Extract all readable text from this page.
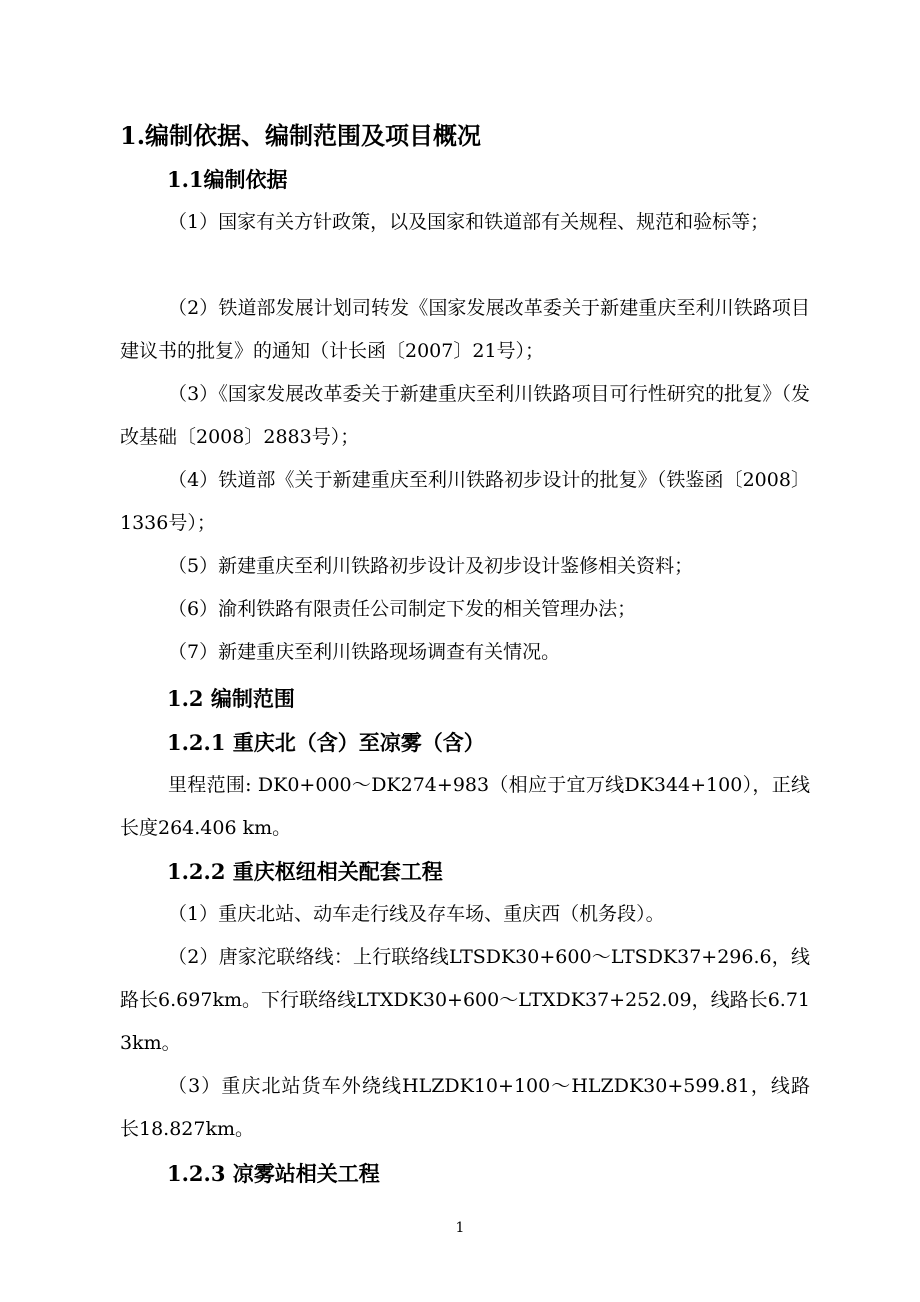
1.编制依据、编制范围及项目概况
1.1编制依据
（1）国家有关方针政策，以及国家和铁道部有关规程、规范和验标等；
（2）铁道部发展计划司转发《国家发展改革委关于新建重庆至利川铁路项目建议书的批复》的通知（计长函〔2007〕21号）；
（3）《国家发展改革委关于新建重庆至利川铁路项目可行性研究的批复》（发改基础〔2008〕2883号）；
（4）铁道部《关于新建重庆至利川铁路初步设计的批复》（铁鉴函〔2008〕1336号）；
（5）新建重庆至利川铁路初步设计及初步设计鉴修相关资料；
（6）渝利铁路有限责任公司制定下发的相关管理办法；
（7）新建重庆至利川铁路现场调查有关情况。
1.2 编制范围
1.2.1 重庆北（含）至凉雾（含）
里程范围: DK0+000～DK274+983（相应于宜万线DK344+100），正线长度264.406 km。
1.2.2 重庆枢纽相关配套工程
（1）重庆北站、动车走行线及存车场、重庆西（机务段）。
（2）唐家沱联络线：上行联络线LTSDK30+600～LTSDK37+296.6，线路长6.697km。下行联络线LTXDK30+600～LTXDK37+252.09，线路长6.713km。
（3）重庆北站货车外绕线HLZDK10+100～HLZDK30+599.81，线路长18.827km。
1.2.3 凉雾站相关工程
1
